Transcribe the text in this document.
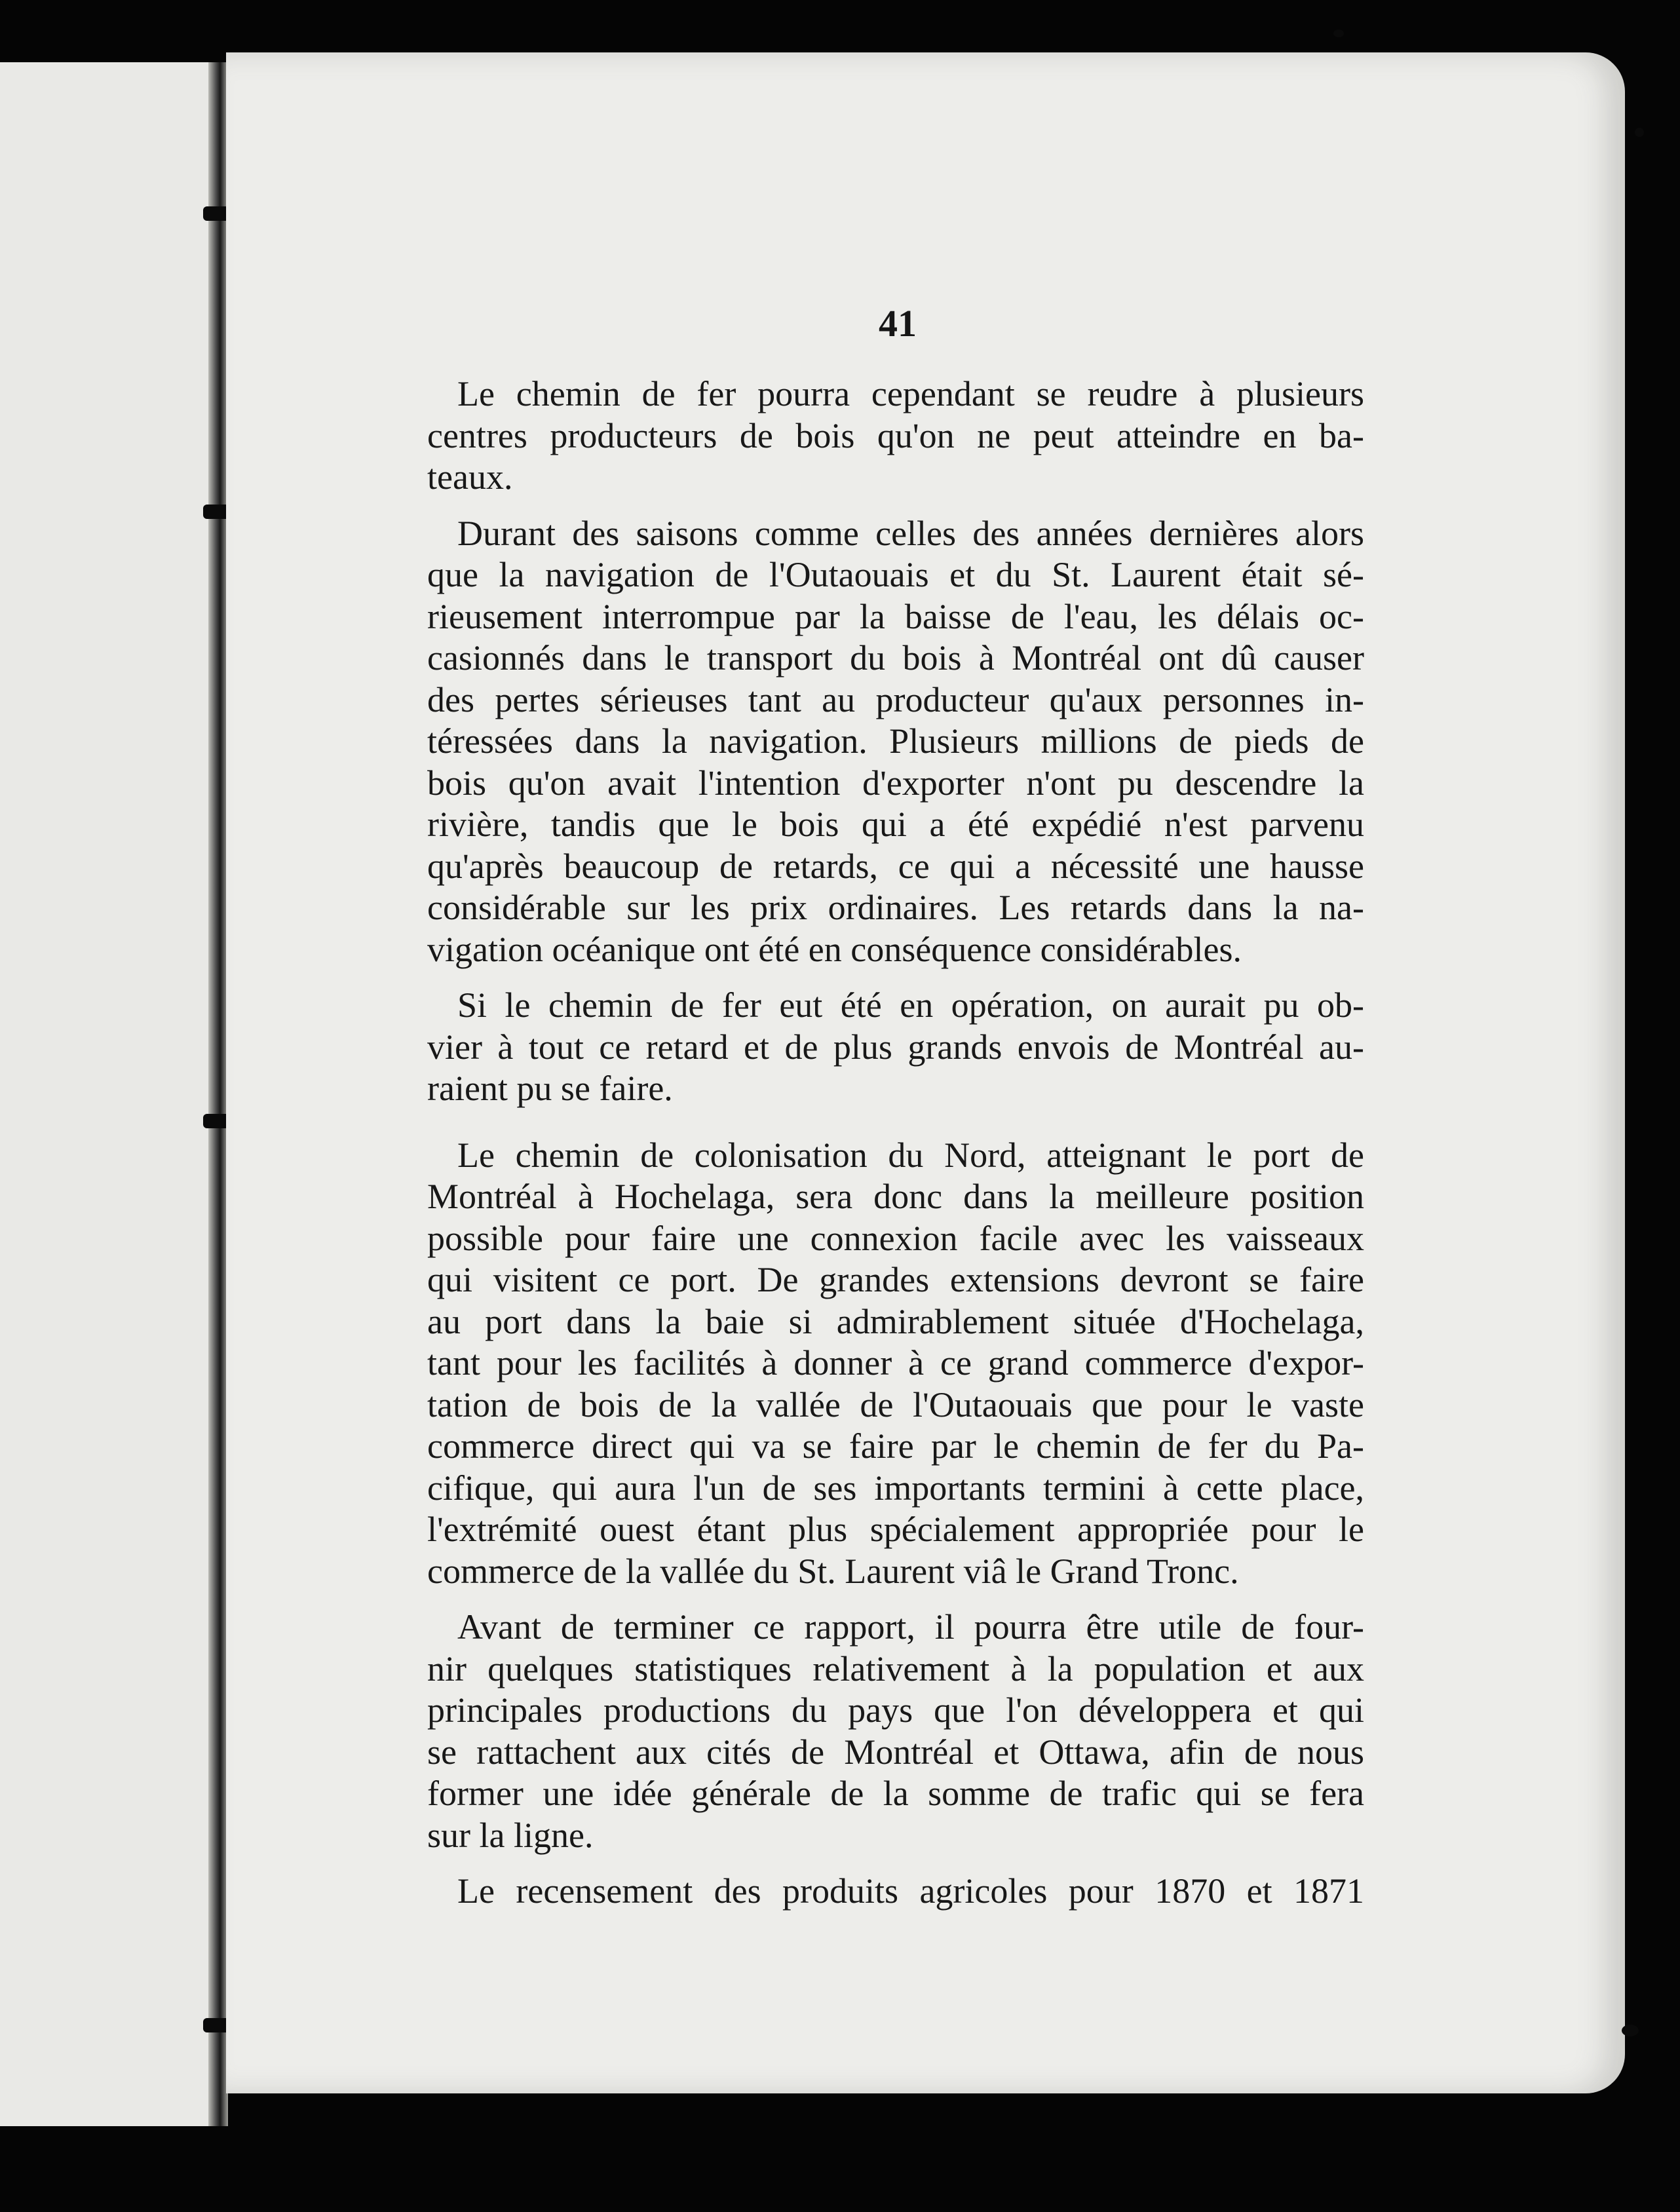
41

Le chemin de fer pourra cependant se reudre à plusieurs
centres producteurs de bois qu'on ne peut atteindre en ba-
teaux.

Durant des saisons comme celles des années dernières alors
que la navigation de l'Outaouais et du St. Laurent était sé-
rieusement interrompue par la baisse de l'eau, les délais oc-
casionnés dans le transport du bois à Montréal ont dû causer
des pertes sérieuses tant au producteur qu'aux personnes in-
téressées dans la navigation. Plusieurs millions de pieds de
bois qu'on avait l'intention d'exporter n'ont pu descendre la
rivière, tandis que le bois qui a été expédié n'est parvenu
qu'après beaucoup de retards, ce qui a nécessité une hausse
considérable sur les prix ordinaires. Les retards dans la na-
vigation océanique ont été en conséquence considérables.

Si le chemin de fer eut été en opération, on aurait pu ob-
vier à tout ce retard et de plus grands envois de Montréal au-
raient pu se faire.

Le chemin de colonisation du Nord, atteignant le port de
Montréal à Hochelaga, sera donc dans la meilleure position
possible pour faire une connexion facile avec les vaisseaux
qui visitent ce port. De grandes extensions devront se faire
au port dans la baie si admirablement située d'Hochelaga,
tant pour les facilités à donner à ce grand commerce d'expor-
tation de bois de la vallée de l'Outaouais que pour le vaste
commerce direct qui va se faire par le chemin de fer du Pa-
cifique, qui aura l'un de ses importants termini à cette place,
l'extrémité ouest étant plus spécialement appropriée pour le
commerce de la vallée du St. Laurent viâ le Grand Tronc.

Avant de terminer ce rapport, il pourra être utile de four-
nir quelques statistiques relativement à la population et aux
principales productions du pays que l'on développera et qui
se rattachent aux cités de Montréal et Ottawa, afin de nous
former une idée générale de la somme de trafic qui se fera
sur la ligne.

Le recensement des produits agricoles pour 1870 et 1871
